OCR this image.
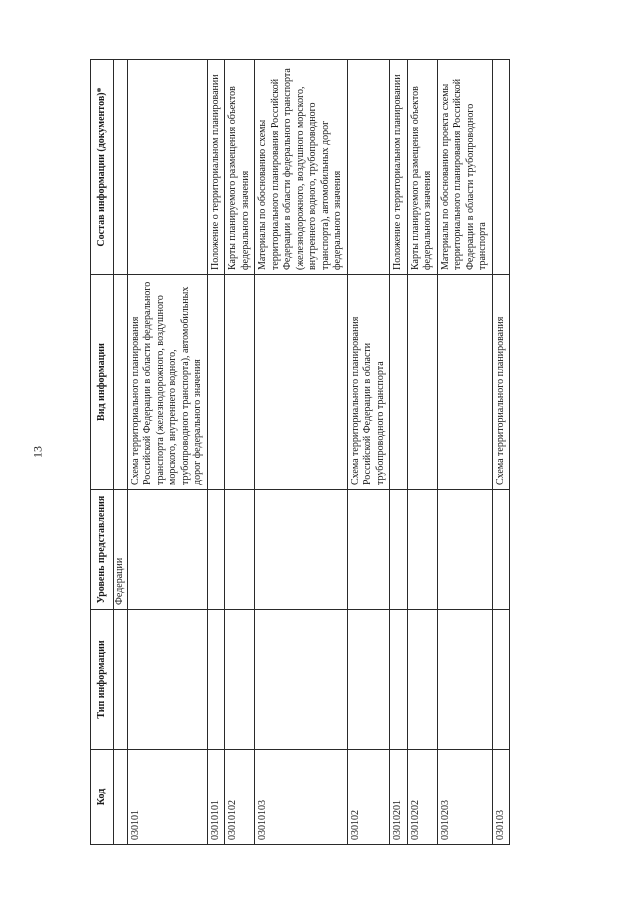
13
Код	Тип информации	Уровень представления	Вид информации	Состав информации (документов)*
		Федерации		
030101			Схема территориального планирования Российской Федерации в области федерального транспорта (железнодорожного, воздушного морского, внутреннего водного, трубопроводного транспорта), автомобильных дорог федерального значения	
03010101				Положение о территориальном планировании
03010102				Карты планируемого размещения объектов федерального значения
03010103				Материалы по обоснованию схемы территориального планирования Российской Федерации в области федерального транспорта (железнодорожного, воздушного морского, внутреннего водного, трубопроводного транспорта), автомобильных дорог федерального значения
030102			Схема территориального планирования Российской Федерации в области трубопроводного транспорта	
03010201				Положение о территориальном планировании
03010202				Карты планируемого размещения объектов федерального значения
03010203				Материалы по обоснованию проекта схемы территориального планирования Российской Федерации в области трубопроводного транспорта
030103			Схема территориального планирования	
